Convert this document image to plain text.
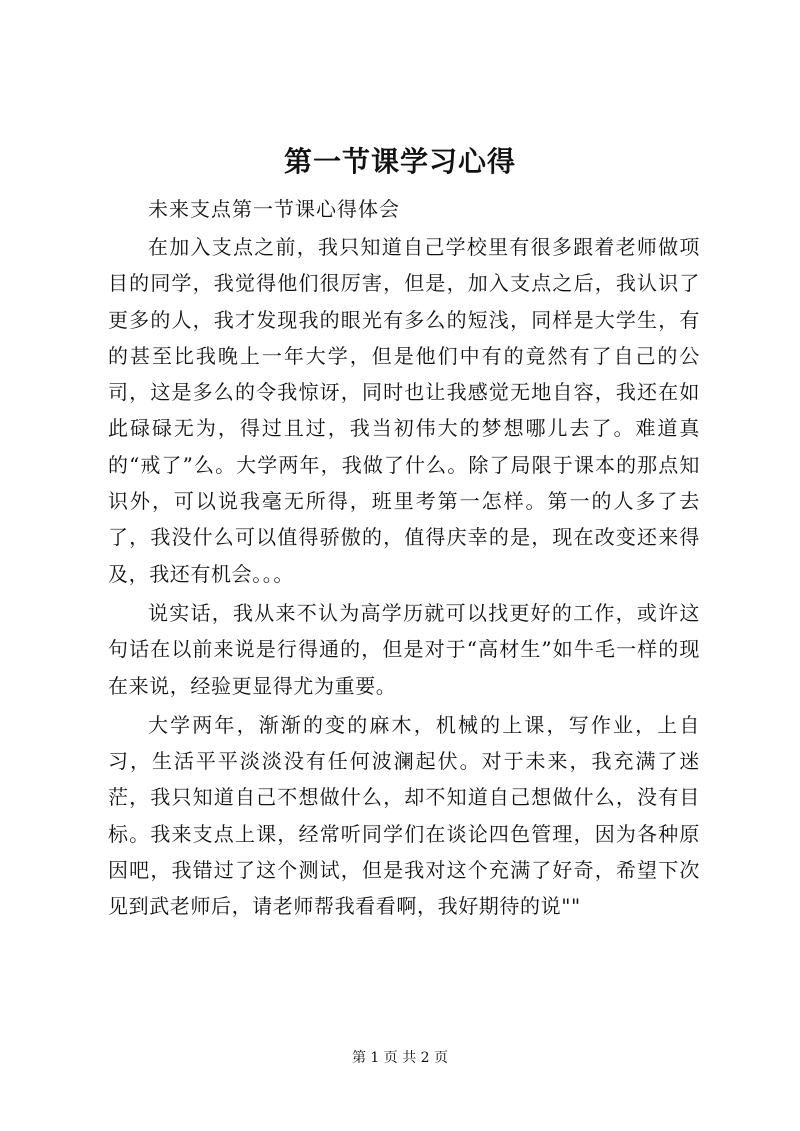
第一节课学习心得
未来支点第一节课心得体会

在加入支点之前，我只知道自己学校里有很多跟着老师做项目的同学，我觉得他们很厉害，但是，加入支点之后，我认识了更多的人，我才发现我的眼光有多么的短浅，同样是大学生，有的甚至比我晚上一年大学，但是他们中有的竟然有了自己的公司，这是多么的令我惊讶，同时也让我感觉无地自容，我还在如此碌碌无为，得过且过，我当初伟大的梦想哪儿去了。难道真的“戒了”么。大学两年，我做了什么。除了局限于课本的那点知识外，可以说我毫无所得，班里考第一怎样。第一的人多了去了，我没什么可以值得骄傲的，值得庆幸的是，现在改变还来得及，我还有机会。。。

说实话，我从来不认为高学历就可以找更好的工作，或许这句话在以前来说是行得通的，但是对于“高材生”如牛毛一样的现在来说，经验更显得尤为重要。

大学两年，渐渐的变的麻木，机械的上课，写作业，上自习，生活平平淡淡没有任何波澜起伏。对于未来，我充满了迷茫，我只知道自己不想做什么，却不知道自己想做什么，没有目标。我来支点上课，经常听同学们在谈论四色管理，因为各种原因吧，我错过了这个测试，但是我对这个充满了好奇，希望下次见到武老师后，请老师帮我看看啊，我好期待的说""

第 1 页 共 2 页
